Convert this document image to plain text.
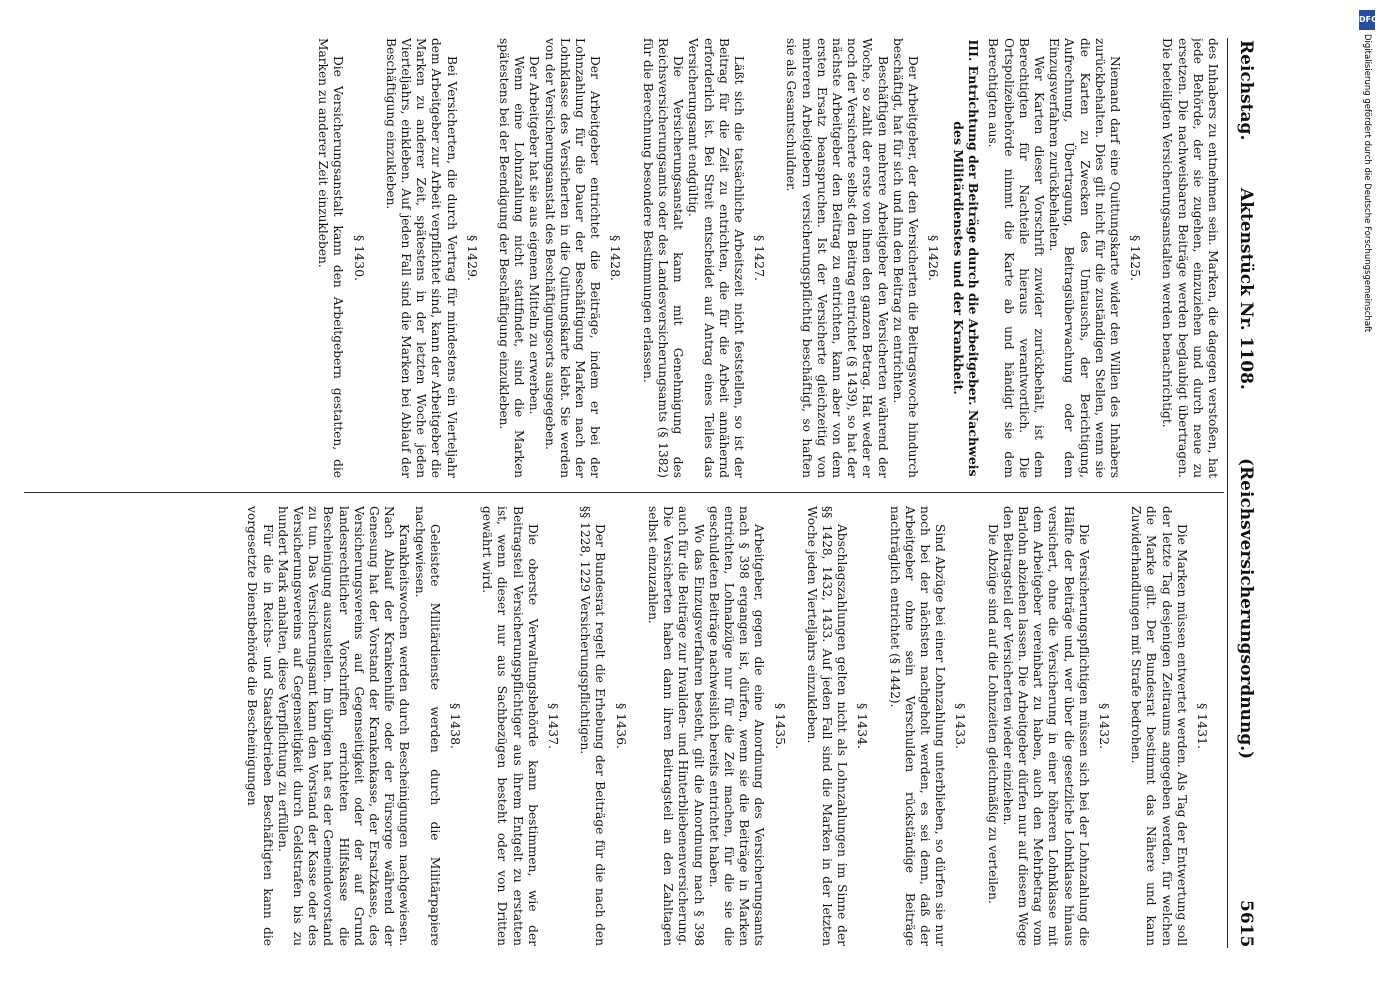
Reichstag.
Aktenstück Nr. 1108.
(Reichsversicherungsordnung.)
5615

des Inhabers zu entnehmen sein. Marken, die dagegen verstoßen, hat jede Behörde, der sie zugehen, einzuziehen und durch neue zu ersetzen. Die nachweisbaren Beiträge werden beglaubigt übertragen. Die beteiligten Versicherungsanstalten werden benachrichtigt.

§ 1425.

Niemand darf eine Quittungskarte wider den Willen des Inhabers zurückbehalten. Dies gilt nicht für die zuständigen Stellen, wenn sie die Karten zu Zwecken des Umtauschs, der Berichtigung, Aufrechnung, Übertragung, Beitragsüberwachung oder dem Einzugsverfahren zurückbehalten.

Wer Karten dieser Vorschrift zuwider zurückbehält, ist dem Berechtigten für Nachteile hieraus verantwortlich. Die Ortspolizeibehörde nimmt die Karte ab und händigt sie dem Berechtigten aus.

III. Entrichtung der Beiträge durch die Arbeitgeber. Nachweis des Militärdienstes und der Krankheit.
§ 1426.

Der Arbeitgeber, der den Versicherten die Beitragswoche hindurch beschäftigt, hat für sich und ihn den Beitrag zu entrichten.

Beschäftigen mehrere Arbeitgeber den Versicherten während der Woche, so zahlt der erste von ihnen den ganzen Betrag. Hat weder er noch der Versicherte selbst den Beitrag entrichtet (§ 1439), so hat der nächste Arbeitgeber den Beitrag zu entrichten, kann aber von dem ersten Ersatz beanspruchen. Ist der Versicherte gleichzeitig von mehreren Arbeitgebern versicherungspflichtig beschäftigt, so haften sie als Gesamtschuldner.

§ 1427.

Läßt sich die tatsächliche Arbeitszeit nicht feststellen, so ist der Beitrag für die Zeit zu entrichten, die für die Arbeit annähernd erforderlich ist. Bei Streit entscheidet auf Antrag eines Teiles das Versicherungsamt endgültig.

Die Versicherungsanstalt kann mit Genehmigung des Reichsversicherungsamts oder des Landesversicherungsamts (§ 1382) für die Berechnung besondere Bestimmungen erlassen.

§ 1428.

Der Arbeitgeber entrichtet die Beiträge, indem er bei der Lohnzahlung für die Dauer der Beschäftigung Marken nach der Lohnklasse des Versicherten in die Quittungskarte klebt. Sie werden von der Versicherungsanstalt des Beschäftigungsorts ausgegeben.

Der Arbeitgeber hat sie aus eigenen Mitteln zu erwerben.

Wenn eine Lohnzahlung nicht stattfindet, sind die Marken spätestens bei der Beendigung der Beschäftigung einzukleben.

§ 1429.

Bei Versicherten, die durch Vertrag für mindestens ein Vierteljahr dem Arbeitgeber zur Arbeit verpflichtet sind, kann der Arbeitgeber die Marken zu anderer Zeit, spätestens in der letzten Woche jeden Vierteljahrs, einkleben. Auf jeden Fall sind die Marken bei Ablauf der Beschäftigung einzukleben.

§ 1430.

Die Versicherungsanstalt kann den Arbeitgebern gestatten, die Marken zu anderer Zeit einzukleben.

§ 1431.

Die Marken müssen entwertet werden. Als Tag der Entwertung soll der letzte Tag desjenigen Zeitraums angegeben werden, für welchen die Marke gilt. Der Bundesrat bestimmt das Nähere und kann Zuwiderhandlungen mit Strafe bedrohen.

§ 1432.

Die Versicherungspflichtigen müssen sich bei der Lohnzahlung die Hälfte der Beiträge und, wer über die gesetzliche Lohnklasse hinaus versichert, ohne die Versicherung in einer höheren Lohnklasse mit dem Arbeitgeber vereinbart zu haben, auch den Mehrbetrag vom Barlohn abziehen lassen. Die Arbeitgeber dürfen nur auf diesem Wege den Beitragsteil der Versicherten wieder einziehen.

Die Abzüge sind auf die Lohnzeiten gleichmäßig zu verteilen.

§ 1433.

Sind Abzüge bei einer Lohnzahlung unterblieben, so dürfen sie nur noch bei der nächsten nachgeholt werden, es sei denn, daß der Arbeitgeber ohne sein Verschulden rückständige Beiträge nachträglich entrichtet (§ 1442).

§ 1434.

Abschlagszahlungen gelten nicht als Lohnzahlungen im Sinne der §§ 1428, 1432, 1433. Auf jeden Fall sind die Marken in der letzten Woche jeden Vierteljahrs einzukleben.

§ 1435.

Arbeitgeber, gegen die eine Anordnung des Versicherungsamts nach § 398 ergangen ist, dürfen, wenn sie die Beiträge in Marken entrichten, Lohnabzüge nur für die Zeit machen, für die sie die geschuldeten Beiträge nachweislich bereits entrichtet haben.

Wo das Einzugsverfahren besteht, gilt die Anordnung nach § 398 auch für die Beiträge zur Invaliden- und Hinterbliebenenversicherung. Die Versicherten haben dann ihren Beitragsteil an den Zahltagen selbst einzuzahlen.

§ 1436.

Der Bundesrat regelt die Erhebung der Beiträge für die nach den §§ 1228, 1229 Versicherungspflichtigen.

§ 1437.

Die oberste Verwaltungsbehörde kann bestimmen, wie der Beitragsteil Versicherungspflichtiger aus ihrem Entgelt zu erstatten ist, wenn dieser nur aus Sachbezügen besteht oder von Dritten gewährt wird.

§ 1438.

Geleistete Militärdienste werden durch die Militärpapiere nachgewiesen.

Krankheitswochen werden durch Bescheinigungen nachgewiesen. Nach Ablauf der Krankenhilfe oder der Fürsorge während der Genesung hat der Vorstand der Krankenkasse, der Ersatzkasse, des Versicherungsvereins auf Gegenseitigkeit oder der auf Grund landesrechtlicher Vorschriften errichteten Hilfskasse die Bescheinigung auszustellen. Im übrigen hat es der Gemeindevorstand zu tun. Das Versicherungsamt kann den Vorstand der Kasse oder des Versicherungsvereins auf Gegenseitigkeit durch Geldstrafen bis zu hundert Mark anhalten, diese Verpflichtung zu erfüllen.

Für die in Reichs- und Staatsbetrieben Beschäftigten kann die vorgesetzte Dienstbehörde die Bescheinigungen

DFG
Digitalisierung gefördert durch die Deutsche Forschungsgemeinschaft
